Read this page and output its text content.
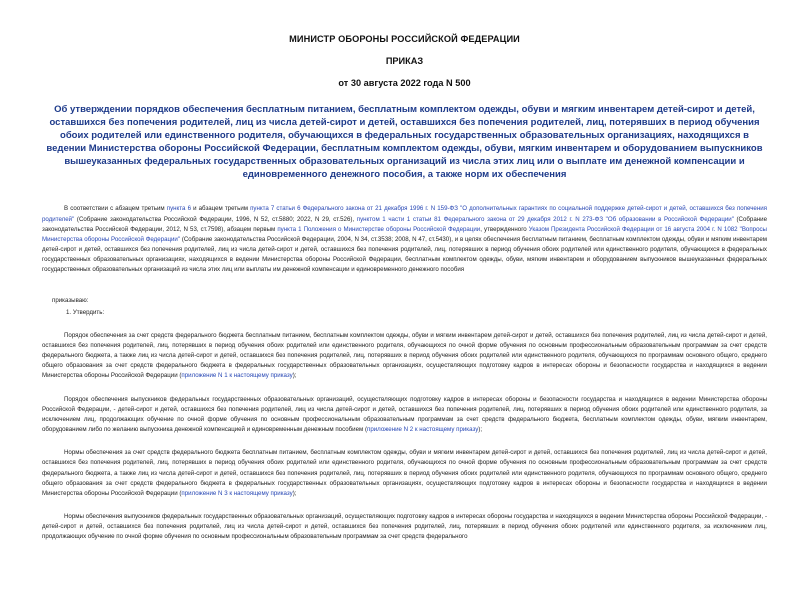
МИНИСТР ОБОРОНЫ РОССИЙСКОЙ ФЕДЕРАЦИИ
ПРИКАЗ
от 30 августа 2022 года N 500
Об утверждении порядков обеспечения бесплатным питанием, бесплатным комплектом одежды, обуви и мягким инвентарем детей-сирот и детей, оставшихся без попечения родителей, лиц из числа детей-сирот и детей, оставшихся без попечения родителей, лиц, потерявших в период обучения обоих родителей или единственного родителя, обучающихся в федеральных государственных образовательных организациях, находящихся в ведении Министерства обороны Российской Федерации, бесплатным комплектом одежды, обуви, мягким инвентарем и оборудованием выпускников вышеуказанных федеральных государственных образовательных организаций из числа этих лиц или о выплате им денежной компенсации и единовременного денежного пособия, а также норм их обеспечения

В соответствии с абзацем третьим пункта 6 и абзацем третьим пункта 7 статьи 6 Федерального закона от 21 декабря 1996 г. N 159-ФЗ "О дополнительных гарантиях по социальной поддержке детей-сирот и детей, оставшихся без попечения родителей" (Собрание законодательства Российской Федерации, 1996, N 52, ст.5880; 2022, N 29, ст.526), пунктом 1 части 1 статьи 81 Федерального закона от 29 декабря 2012 г. N 273-ФЗ "Об образовании в Российской Федерации" (Собрание законодательства Российской Федерации, 2012, N 53, ст.7598), абзацем первым пункта 1 Положения о Министерстве обороны Российской Федерации, утвержденного Указом Президента Российской Федерации от 16 августа 2004 г. N 1082 "Вопросы Министерства обороны Российской Федерации" (Собрание законодательства Российской Федерации, 2004, N 34, ст.3538; 2008, N 47, ст.5430), и в целях обеспечения бесплатным питанием, бесплатным комплектом одежды, обуви и мягким инвентарем детей-сирот и детей, оставшихся без попечения родителей, лиц из числа детей-сирот и детей, оставшихся без попечения родителей, лиц, потерявших в период обучения обоих родителей или единственного родителя, обучающихся в федеральных государственных образовательных организациях, находящихся в ведении Министерства обороны Российской Федерации, бесплатным комплектом одежды, обуви, мягким инвентарем и оборудованием выпускников вышеуказанных федеральных государственных образовательных организаций из числа этих лиц или выплаты им денежной компенсации и единовременного денежного пособия

приказываю:

1. Утвердить:

Порядок обеспечения за счет средств федерального бюджета бесплатным питанием, бесплатным комплектом одежды, обуви и мягким инвентарем детей-сирот и детей, оставшихся без попечения родителей, лиц из числа детей-сирот и детей, оставшихся без попечения родителей, лиц, потерявших в период обучения обоих родителей или единственного родителя, обучающихся по очной форме обучения по основным профессиональным образовательным программам за счет средств федерального бюджета, а также лиц из числа детей-сирот и детей, оставшихся без попечения родителей, лиц, потерявших в период обучения обоих родителей или единственного родителя, обучающихся по программам основного общего, среднего общего образования за счет средств федерального бюджета в федеральных государственных образовательных организациях, осуществляющих подготовку кадров в интересах обороны и безопасности государства и находящихся в ведении Министерства обороны Российской Федерации (приложение N 1 к настоящему приказу);

Порядок обеспечения выпускников федеральных государственных образовательных организаций, осуществляющих подготовку кадров в интересах обороны и безопасности государства и находящихся в ведении Министерства обороны Российской Федерации, - детей-сирот и детей, оставшихся без попечения родителей, лиц из числа детей-сирот и детей, оставшихся без попечения родителей, лиц, потерявших в период обучения обоих родителей или единственного родителя, за исключением лиц, продолжающих обучение по очной форме обучения по основным профессиональным образовательным программам за счет средств федерального бюджета, бесплатным комплектом одежды, обуви, мягким инвентарем, оборудованием либо по желанию выпускника денежной компенсацией и единовременным денежным пособием (приложение N 2 к настоящему приказу);

Нормы обеспечения за счет средств федерального бюджета бесплатным питанием, бесплатным комплектом одежды, обуви и мягким инвентарем детей-сирот и детей, оставшихся без попечения родителей, лиц из числа детей-сирот и детей, оставшихся без попечения родителей, лиц, потерявших в период обучения обоих родителей или единственного родителя, обучающихся по очной форме обучения по основным профессиональным образовательным программам за счет средств федерального бюджета, а также лиц из числа детей-сирот и детей, оставшихся без попечения родителей, лиц, потерявших в период обучения обоих родителей или единственного родителя, обучающихся по программам основного общего, среднего общего образования за счет средств федерального бюджета в федеральных государственных образовательных организациях, осуществляющих подготовку кадров в интересах обороны и безопасности государства и находящихся в ведении Министерства обороны Российской Федерации (приложение N 3 к настоящему приказу);

Нормы обеспечения выпускников федеральных государственных образовательных организаций, осуществляющих подготовку кадров в интересах обороны государства и находящихся в ведении Министерства обороны Российской Федерации, - детей-сирот и детей, оставшихся без попечения родителей, лиц из числа детей-сирот и детей, оставшихся без попечения родителей, лиц, потерявших в период обучения обоих родителей или единственного родителя, за исключением лиц, продолжающих обучение по очной форме обучения по основным профессиональным образовательным программам за счет средств федерального
